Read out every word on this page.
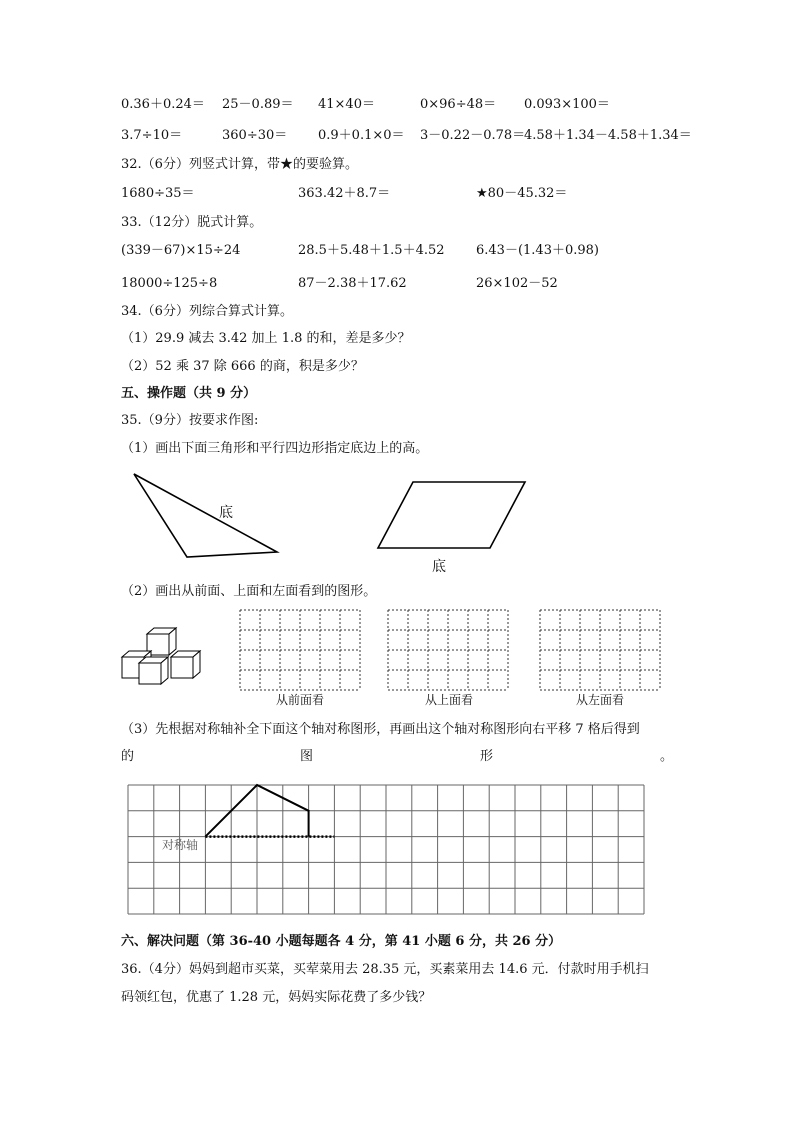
0.36＋0.24＝ 25－0.89＝ 41×40＝	0×96÷48＝ 0.093×100＝
3.7÷10＝	360÷30＝ 0.9＋0.1×0＝ 3－0.22－0.78＝
4.58＋1.34－4.58＋1.34＝
32.（6分）列竖式计算，带★的要验算。
1680÷35＝	363.42＋8.7＝	★80－45.32＝
33.（12分）脱式计算。
(339－67)×15÷24	28.5＋5.48＋1.5＋4.52 6.43－(1.43＋0.98)
18000÷125÷8	87－2.38＋17.62	26×102－52
34.（6分）列综合算式计算。
（1）29.9 减去 3.42 加上 1.8 的和，差是多少？
（2）52 乘 37 除 666 的商，积是多少？
五、操作题（共 9 分）
35.（9分）按要求作图:
（1）画出下面三角形和平行四边形指定底边上的高。
底
底
（2）画出从前面、上面和左面看到的图形。
从前面看	从上面看	从左面看
（3）先根据对称轴补全下面这个轴对称图形，再画出这个轴对称图形向右平移 7 格后得到
的	图	形	。
对称轴
六、解决问题（第 36-40 小题每题各 4 分，第 41 小题 6 分，共 26 分）
36.（4分）妈妈到超市买菜，买荤菜用去 28.35 元，买素菜用去 14.6 元．付款时用手机扫
码领红包，优惠了 1.28 元，妈妈实际花费了多少钱？
